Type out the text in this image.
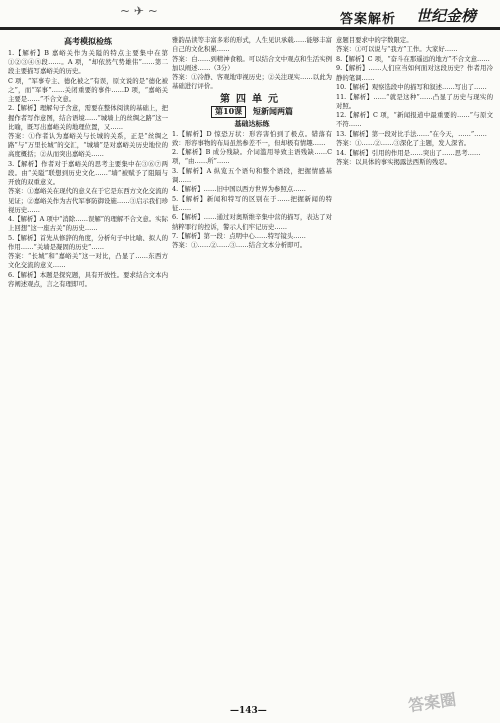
~ ✈ ~
答案解析 世纪金榜
高考模拟检练

1.【解析】B 嘉峪关作为关隘的特点主要集中在第①②③④⑤段……。A 项，“却依然气势雄伟”……第二段主要描写嘉峪关的历史。

C 项，“军事专主、德化被之”有误，原文说的是“德化被之”，而“军事”……关闭重要的事件……D 项，“嘉峪关主要是……”不合文意。

2.【解析】理解句子含意，需要在整体阅读的基础上，把握作者写作意图，结合语境……“城墙上的丝绸之路”这一比喻，既写出嘉峪关的地理位置，又……

答案：①作者认为嘉峪关与长城的关系，正是“丝绸之路”与“万里长城”的交汇，“城墙”是对嘉峪关历史地位的高度概括；②从而突出嘉峪关……

3.【解析】作者对于嘉峪关的思考主要集中在③⑥⑦两段。由“关隘”联想到历史文化……“墙”被赋予了阻隔与开放的双重意义。

答案：①嘉峪关在现代的意义在于它是东西方文化交流的见证；②嘉峪关作为古代军事防御设施……③启示我们珍视历史……

4.【解析】A 项中“消除……误解”的理解不合文意。实际上回想“这一座古关”的历史……

5.【解析】首先从修辞的角度，分析句子中比喻、拟人的作用……“关墙是凝固的历史”……

答案：“长城”和“嘉峪关”这一对比，凸显了……东西方文化交流的意义……

6.【解析】本题是探究题，具有开放性。要求结合文本内容阐述观点，言之有理即可。

雅韵品读等丰富多彩的形式，人生见识承载……能够丰富自己的文化积累……

答案：白……到精神食粮。可以结合文中观点和生活实例加以阐述……（3分）

答案：①冷静、客观地审视历史；②关注现实……以此为基础进行评价。

第四单元
第10课 短新闻两篇
基础达标练

1.【解析】D 惊恐万状：形容害怕到了极点。错落有致：形容事物的布局虽然参差不一，但却极有情趣……

2.【解析】B 成分残缺。介词滥用导致主语残缺……C 项，“由……所”……

3.【解析】A 纵览五个语句和整个语段，把握情感基调……

4.【解析】……旧中国以西方世界为参照点……

5.【解析】新闻和特写的区别在于……把握新闻的特征……

6.【解析】……通过对奥斯维辛集中营的描写，表达了对纳粹罪行的控诉，警示人们牢记历史……

7.【解析】第一段：点明中心……特写镜头……

答案：①……②……③……结合文本分析即可。

意题目要求中的字数限定。

答案：①可以说与“我方”工作。大家好……

8.【解析】C 项，“奋斗在那遥远的地方”不合文意……

9.【解析】……人们应当如何面对这段历史？作者用冷静的笔调……

10.【解析】观察选段中的描写和叙述……写出了……

11.【解析】……“就是这种”……凸显了历史与现实的对照。

12.【解析】C 项，“新闻报道中最重要的……”与原文不符……

13.【解析】第一段对比手法……“在今天，……”……

答案：①……②……③深化了主题，发人深省。

14.【解析】引用的作用是……突出了……思考……

答案：以具体的事实揭露法西斯的残忍。

—143—	答案圈
